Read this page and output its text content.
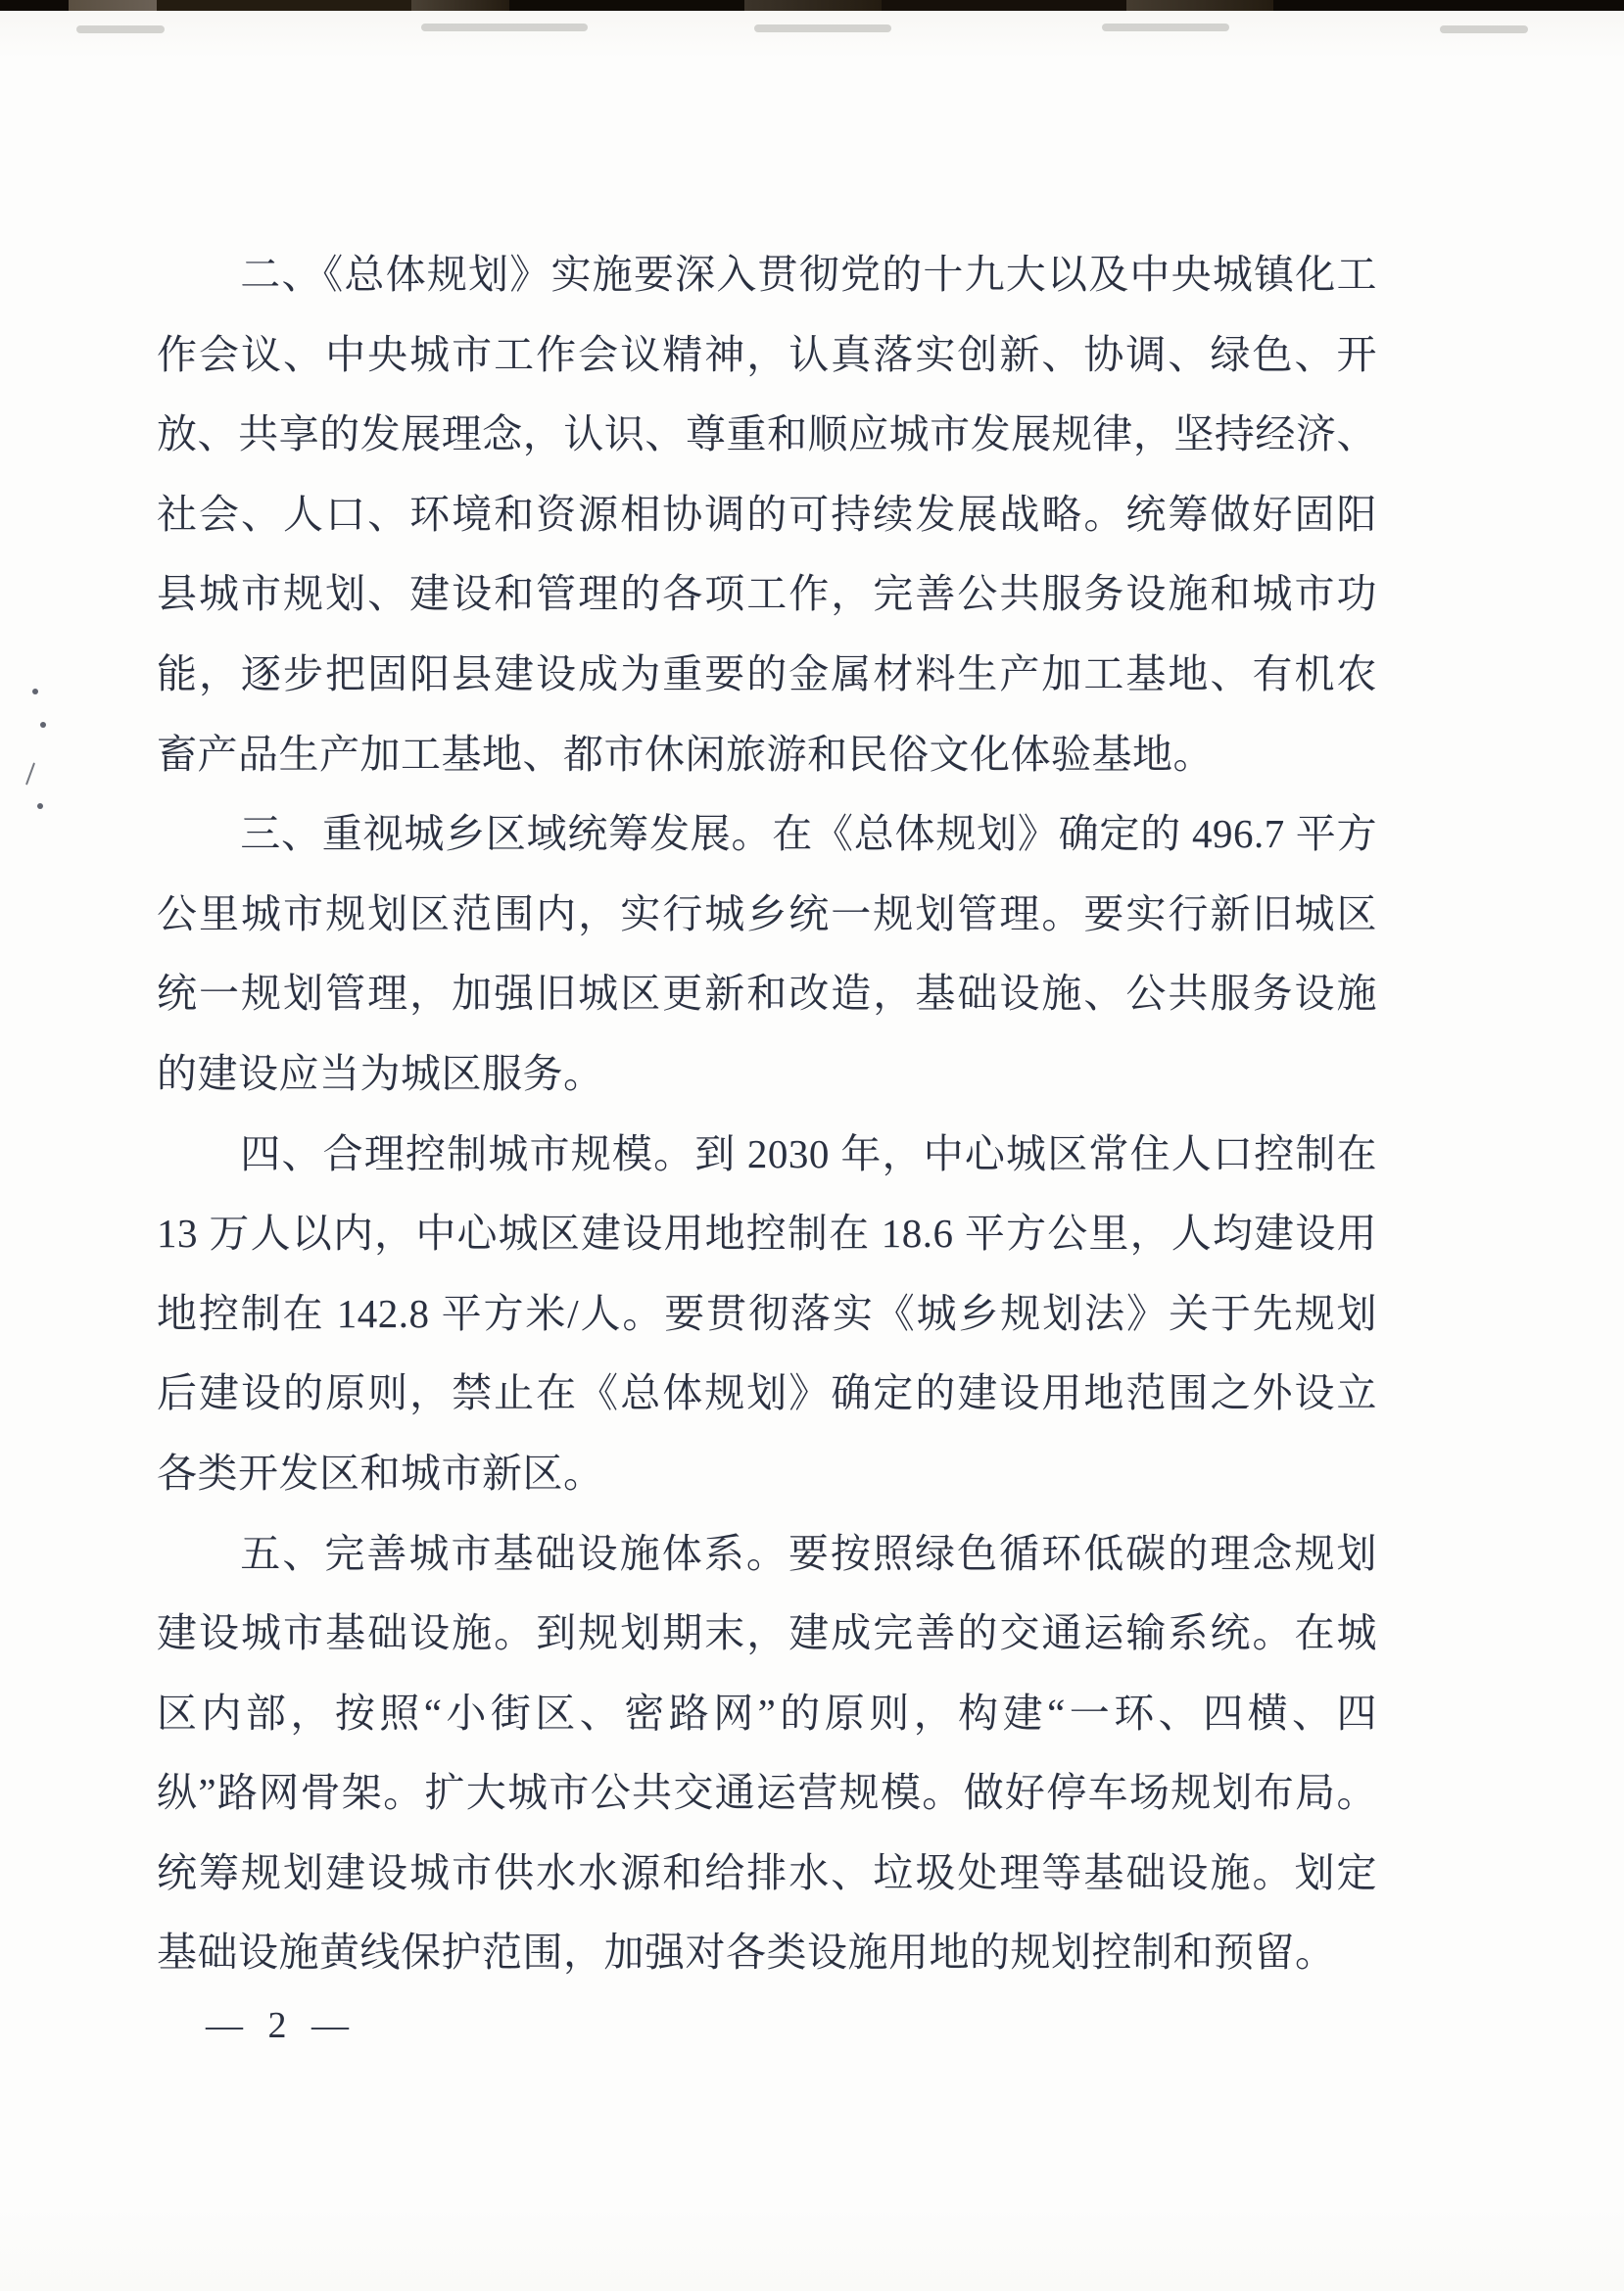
二、《总体规划》实施要深入贯彻党的十九大以及中央城镇化工
作会议、中央城市工作会议精神，认真落实创新、协调、绿色、开
放、共享的发展理念，认识、尊重和顺应城市发展规律，坚持经济、
社会、人口、环境和资源相协调的可持续发展战略。统筹做好固阳
县城市规划、建设和管理的各项工作，完善公共服务设施和城市功
能，逐步把固阳县建设成为重要的金属材料生产加工基地、有机农
畜产品生产加工基地、都市休闲旅游和民俗文化体验基地。
三、重视城乡区域统筹发展。在《总体规划》确定的 496.7 平方
公里城市规划区范围内，实行城乡统一规划管理。要实行新旧城区
统一规划管理，加强旧城区更新和改造，基础设施、公共服务设施
的建设应当为城区服务。
四、合理控制城市规模。到 2030 年，中心城区常住人口控制在
13 万人以内，中心城区建设用地控制在 18.6 平方公里，人均建设用
地控制在 142.8 平方米/人。要贯彻落实《城乡规划法》关于先规划
后建设的原则，禁止在《总体规划》确定的建设用地范围之外设立
各类开发区和城市新区。
五、完善城市基础设施体系。要按照绿色循环低碳的理念规划
建设城市基础设施。到规划期末，建成完善的交通运输系统。在城
区内部，按照“小街区、密路网”的原则，构建“一环、四横、四
纵”路网骨架。扩大城市公共交通运营规模。做好停车场规划布局。
统筹规划建设城市供水水源和给排水、垃圾处理等基础设施。划定
基础设施黄线保护范围，加强对各类设施用地的规划控制和预留。
— 2 —
